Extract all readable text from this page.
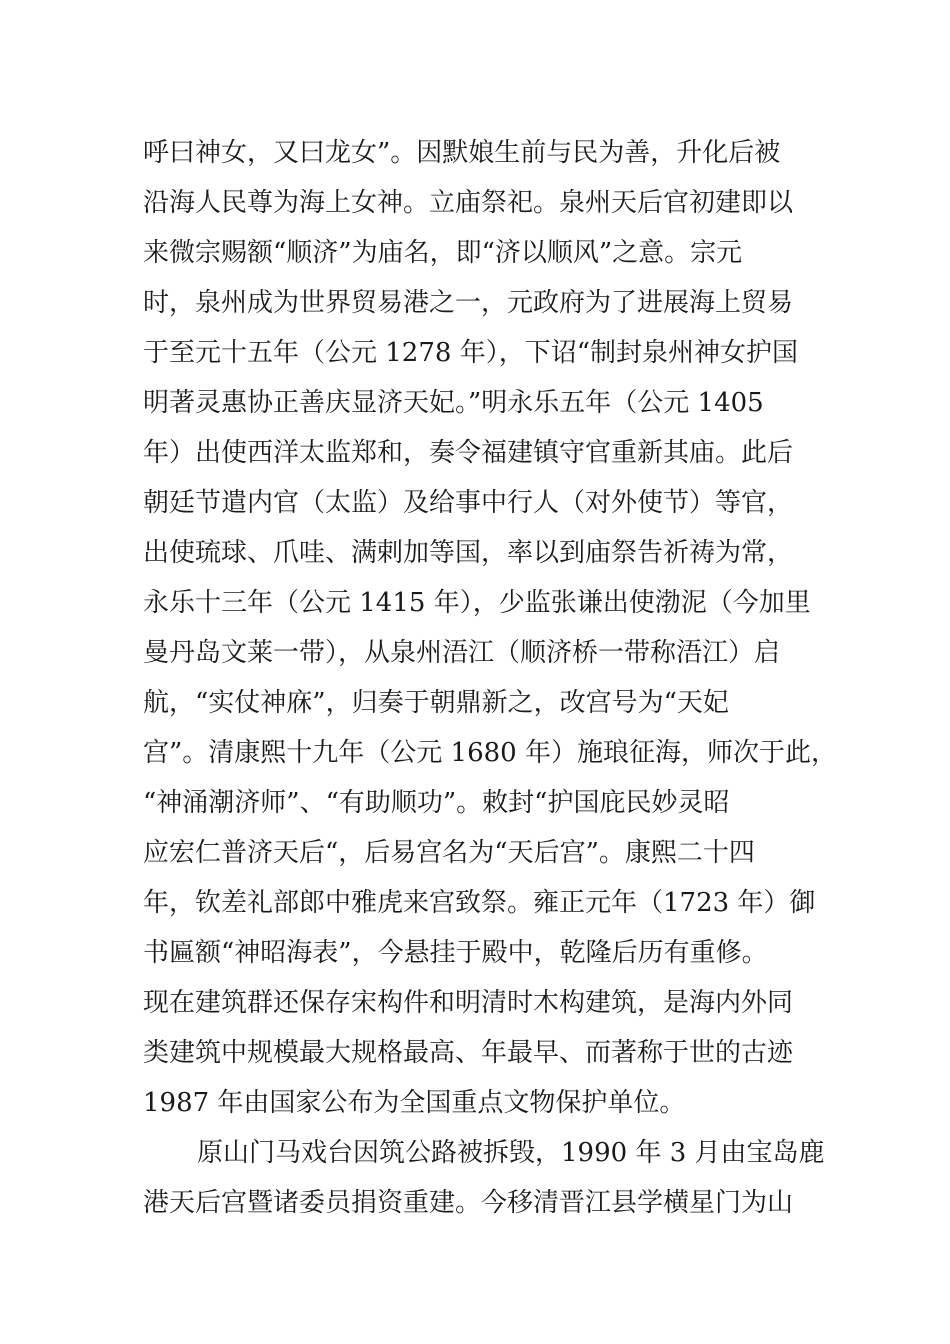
呼曰神女，又曰龙女”。因默娘生前与民为善，升化后被
沿海人民尊为海上女神。立庙祭祀。泉州天后官初建即以
来微宗赐额“顺济”为庙名，即“济以顺风”之意。宗元
时，泉州成为世界贸易港之一，元政府为了进展海上贸易
于至元十五年（公元 1278 年），下诏“制封泉州神女护国
明著灵惠协正善庆显济天妃。”明永乐五年（公元 1405
年）出使西洋太监郑和，奏令福建镇守官重新其庙。此后
朝廷节遣内官（太监）及给事中行人（对外使节）等官，
出使琉球、爪哇、满剌加等国，率以到庙祭告祈祷为常，
永乐十三年（公元 1415 年），少监张谦出使渤泥（今加里
曼丹岛文莱一带），从泉州浯江（顺济桥一带称浯江）启
航，“实仗神庥”，归奏于朝鼎新之，改宫号为“天妃
宫”。清康熙十九年（公元 1680 年）施琅征海，师次于此，
“神涌潮济师”、“有助顺功”。敕封“护国庇民妙灵昭
应宏仁普济天后“，后易宫名为“天后宫”。康熙二十四
年，钦差礼部郎中雅虎来宫致祭。雍正元年（1723 年）御
书匾额“神昭海表”，今悬挂于殿中，乾隆后历有重修。
现在建筑群还保存宋构件和明清时木构建筑，是海内外同
类建筑中规模最大规格最高、年最早、而著称于世的古迹
1987 年由国家公布为全国重点文物保护单位。
原山门马戏台因筑公路被拆毁，1990 年 3 月由宝岛鹿
港天后宫暨诸委员捐资重建。今移清晋江县学横星门为山
